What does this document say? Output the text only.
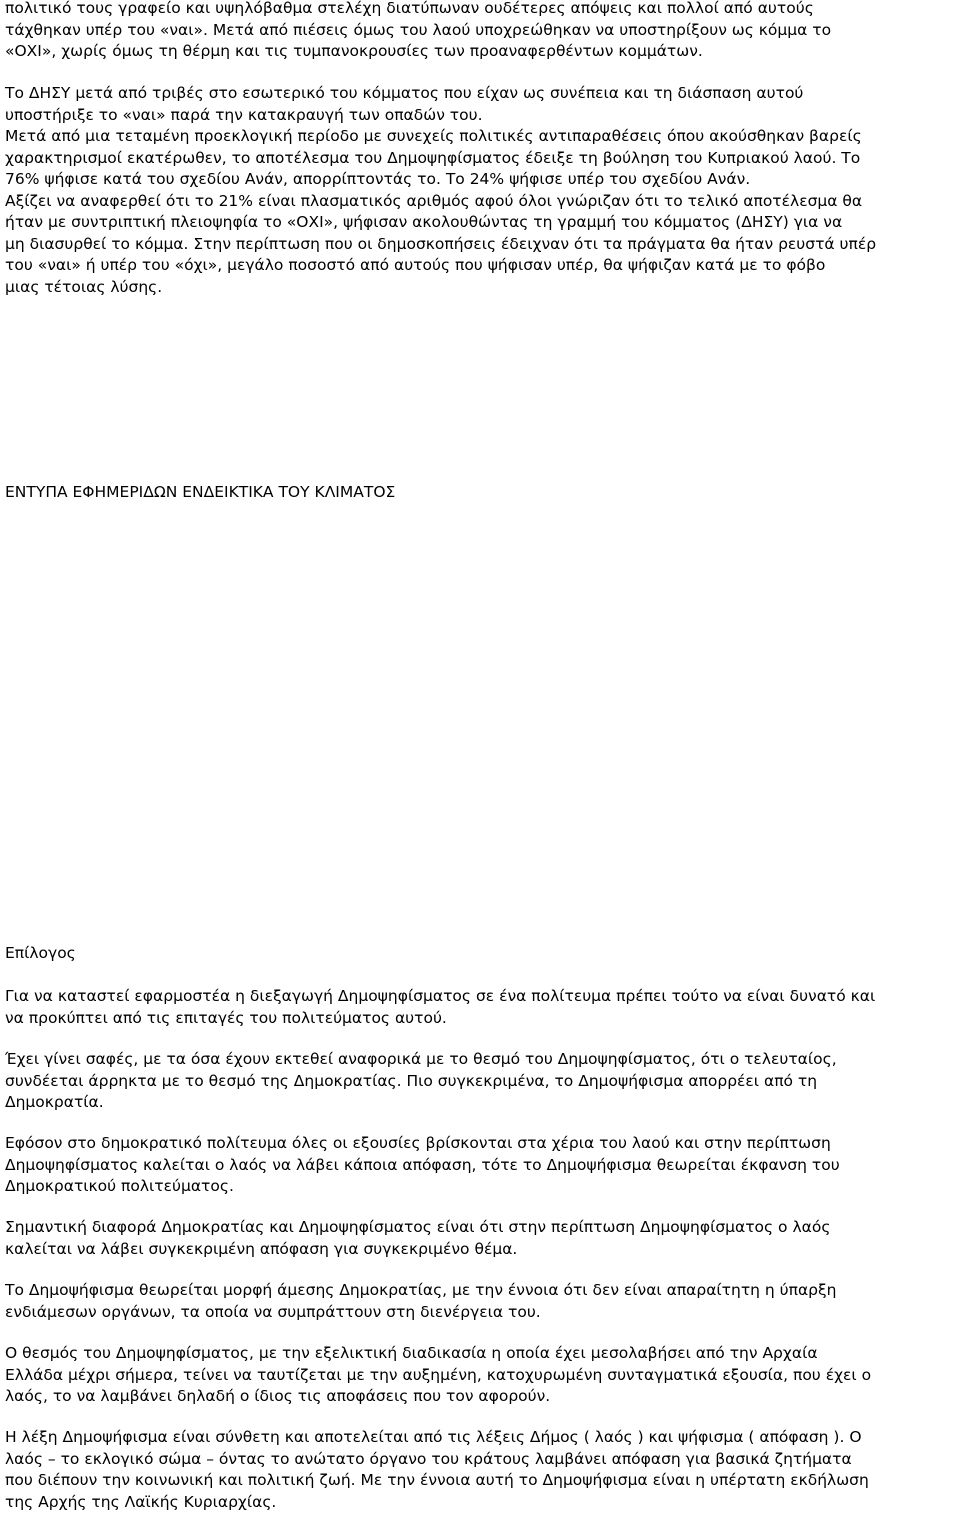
πολιτικό τους γραφείο και υψηλόβαθμα στελέχη διατύπωναν ουδέτερες απόψεις και πολλοί από αυτούς
τάχθηκαν υπέρ του «ναι». Μετά από πιέσεις όμως του λαού υποχρεώθηκαν να υποστηρίξουν ως κόμμα το
«ΟΧΙ», χωρίς όμως τη θέρμη και τις τυμπανοκρουσίες των προαναφερθέντων κομμάτων.
Το ΔΗΣΥ μετά από τριβές στο εσωτερικό του κόμματος που είχαν ως συνέπεια και τη διάσπαση αυτού
υποστήριξε το «ναι» παρά την κατακραυγή των οπαδών του.
Μετά από μια τεταμένη προεκλογική περίοδο με συνεχείς πολιτικές αντιπαραθέσεις όπου ακούσθηκαν βαρείς
χαρακτηρισμοί εκατέρωθεν, το αποτέλεσμα του Δημοψηφίσματος έδειξε τη βούληση του Κυπριακού λαού. Το
76% ψήφισε κατά του σχεδίου Ανάν, απορρίπτοντάς το. Το 24% ψήφισε υπέρ του σχεδίου Ανάν.
Αξίζει να αναφερθεί ότι το 21% είναι πλασματικός αριθμός αφού όλοι γνώριζαν ότι το τελικό αποτέλεσμα θα
ήταν με συντριπτική πλειοψηφία το «ΟΧΙ», ψήφισαν ακολουθώντας τη γραμμή του κόμματος (ΔΗΣΥ) για να
μη διασυρθεί το κόμμα. Στην περίπτωση που οι δημοσκοπήσεις έδειχναν ότι τα πράγματα θα ήταν ρευστά υπέρ
του «ναι» ή υπέρ του «όχι», μεγάλο ποσοστό από αυτούς που ψήφισαν υπέρ, θα ψήφιζαν κατά με το φόβο
μιας τέτοιας λύσης.
ΕΝΤΥΠΑ ΕΦΗΜΕΡΙΔΩΝ ΕΝΔΕΙΚΤΙΚΑ ΤΟΥ ΚΛΙΜΑΤΟΣ
Επίλογος
Για να καταστεί εφαρμοστέα η διεξαγωγή Δημοψηφίσματος σε ένα πολίτευμα πρέπει τούτο να είναι δυνατό και
να προκύπτει από τις επιταγές του πολιτεύματος αυτού.
Έχει γίνει σαφές, με τα όσα έχουν εκτεθεί αναφορικά με το θεσμό του Δημοψηφίσματος, ότι ο τελευταίος,
συνδέεται άρρηκτα με το θεσμό της Δημοκρατίας. Πιο συγκεκριμένα, το Δημοψήφισμα απορρέει από τη
Δημοκρατία.
Εφόσον στο δημοκρατικό πολίτευμα όλες οι εξουσίες βρίσκονται στα χέρια του λαού και στην περίπτωση
Δημοψηφίσματος καλείται ο λαός να λάβει κάποια απόφαση, τότε το Δημοψήφισμα θεωρείται έκφανση του
Δημοκρατικού πολιτεύματος.
Σημαντική διαφορά Δημοκρατίας και Δημοψηφίσματος είναι ότι στην περίπτωση Δημοψηφίσματος ο λαός
καλείται να λάβει συγκεκριμένη απόφαση για συγκεκριμένο θέμα.
Το Δημοψήφισμα θεωρείται μορφή άμεσης Δημοκρατίας, με την έννοια ότι δεν είναι απαραίτητη η ύπαρξη
ενδιάμεσων οργάνων, τα οποία να συμπράττουν στη διενέργεια του.
Ο θεσμός του Δημοψηφίσματος, με την εξελικτική διαδικασία η οποία έχει μεσολαβήσει από την Αρχαία
Ελλάδα μέχρι σήμερα, τείνει να ταυτίζεται με την αυξημένη, κατοχυρωμένη συνταγματικά εξουσία, που έχει ο
λαός, το να λαμβάνει δηλαδή ο ίδιος τις αποφάσεις που τον αφορούν.
Η λέξη Δημοψήφισμα είναι σύνθετη και αποτελείται από τις λέξεις Δήμος ( λαός ) και ψήφισμα ( απόφαση ). Ο
λαός – το εκλογικό σώμα – όντας το ανώτατο όργανο του κράτους λαμβάνει απόφαση για βασικά ζητήματα
που διέπουν την κοινωνική και πολιτική ζωή. Με την έννοια αυτή το Δημοψήφισμα είναι η υπέρτατη εκδήλωση
της Αρχής της Λαϊκής Κυριαρχίας.
